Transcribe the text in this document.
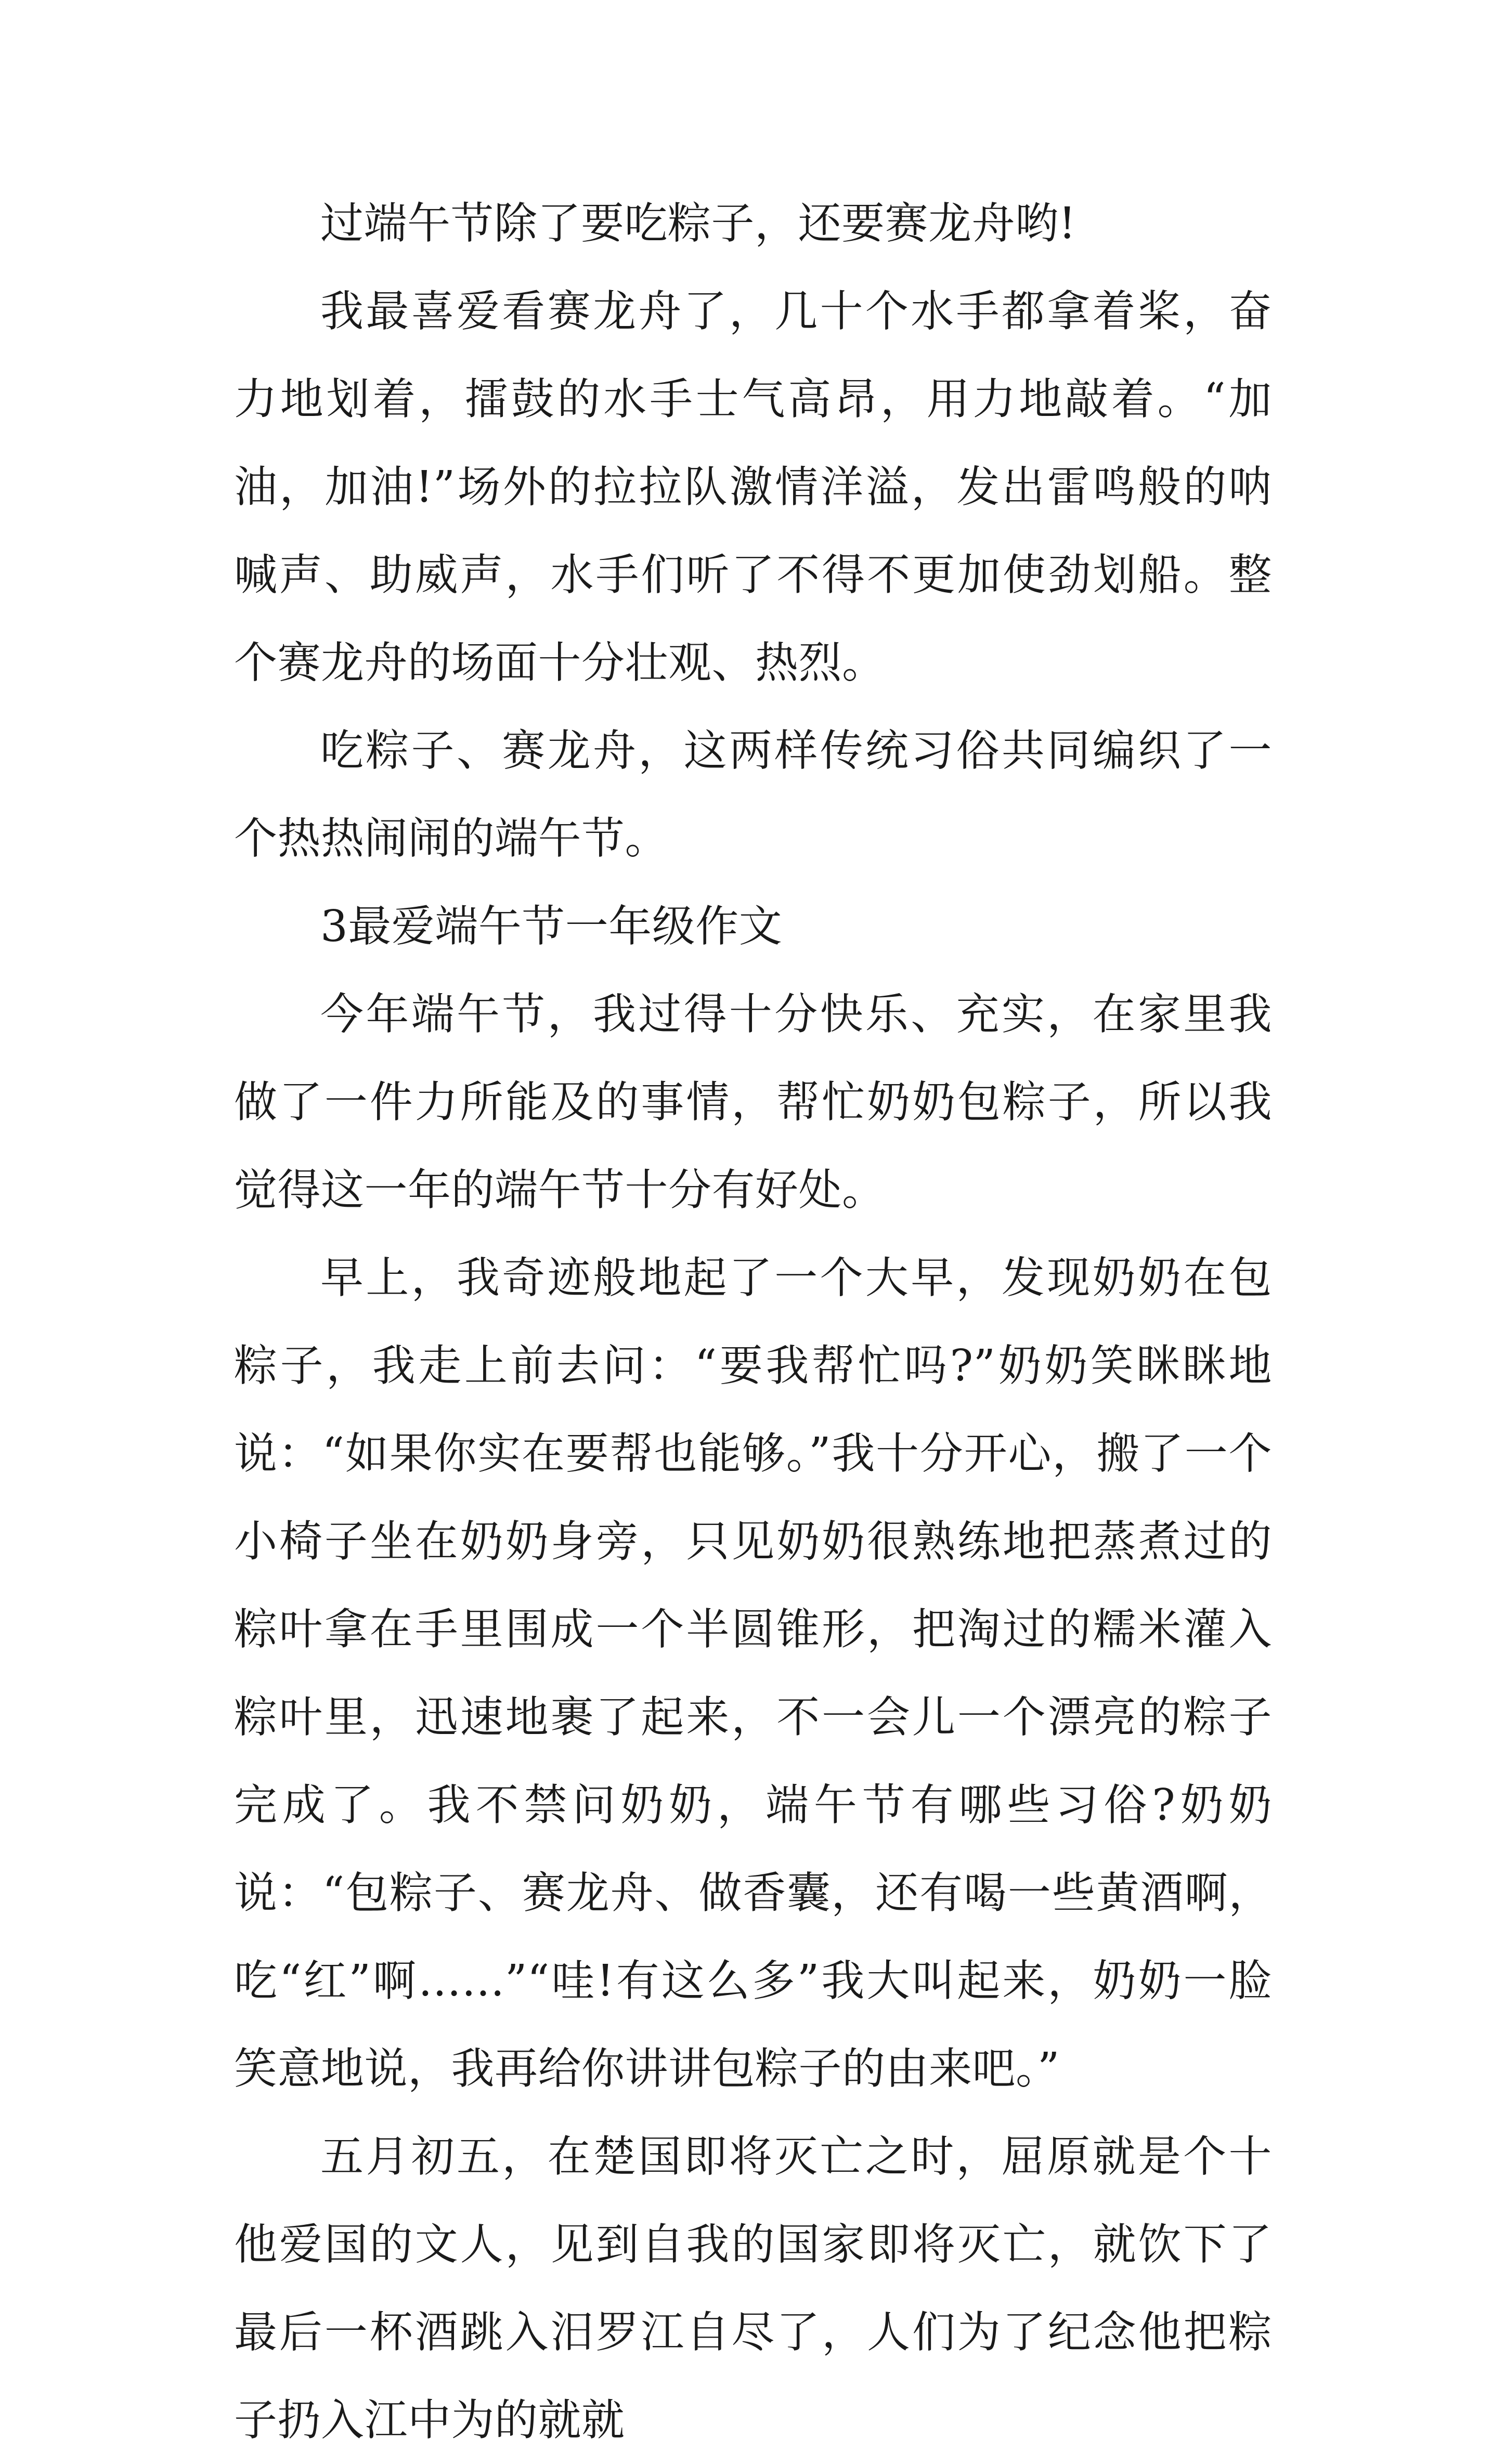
过端午节除了要吃粽子，还要赛龙舟哟!

我最喜爱看赛龙舟了，几十个水手都拿着桨，奋力地划着，擂鼓的水手士气高昂，用力地敲着。“加油，加油!”场外的拉拉队激情洋溢，发出雷鸣般的呐喊声、助威声，水手们听了不得不更加使劲划船。整个赛龙舟的场面十分壮观、热烈。

吃粽子、赛龙舟，这两样传统习俗共同编织了一个热热闹闹的端午节。

3最爱端午节一年级作文

今年端午节，我过得十分快乐、充实，在家里我做了一件力所能及的事情，帮忙奶奶包粽子，所以我觉得这一年的端午节十分有好处。

早上，我奇迹般地起了一个大早，发现奶奶在包粽子，我走上前去问：“要我帮忙吗?”奶奶笑眯眯地说：“如果你实在要帮也能够。”我十分开心，搬了一个小椅子坐在奶奶身旁，只见奶奶很熟练地把蒸煮过的粽叶拿在手里围成一个半圆锥形，把淘过的糯米灌入粽叶里，迅速地裹了起来，不一会儿一个漂亮的粽子完成了。我不禁问奶奶，端午节有哪些习俗?奶奶说：“包粽子、赛龙舟、做香囊，还有喝一些黄酒啊，吃“红”啊……”“哇!有这么多”我大叫起来，奶奶一脸笑意地说，我再给你讲讲包粽子的由来吧。”

五月初五，在楚国即将灭亡之时，屈原就是个十他爱国的文人，见到自我的国家即将灭亡，就饮下了最后一杯酒跳入汨罗江自尽了，人们为了纪念他把粽子扔入江中为的就就
